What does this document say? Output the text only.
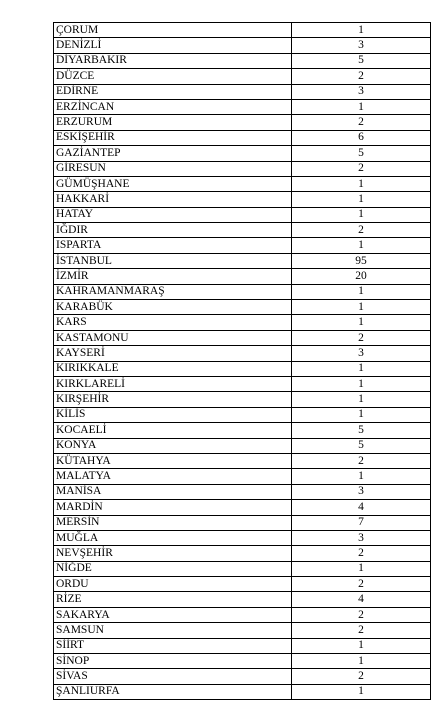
ÇORUM	1
DENİZLİ	3
DİYARBAKIR	5
DÜZCE	2
EDİRNE	3
ERZİNCAN	1
ERZURUM	2
ESKİŞEHİR	6
GAZİANTEP	5
GİRESUN	2
GÜMÜŞHANE	1
HAKKARİ	1
HATAY	1
IĞDIR	2
ISPARTA	1
İSTANBUL	95
İZMİR	20
KAHRAMANMARAŞ	1
KARABÜK	1
KARS	1
KASTAMONU	2
KAYSERİ	3
KIRIKKALE	1
KIRKLARELİ	1
KIRŞEHİR	1
KİLİS	1
KOCAELİ	5
KONYA	5
KÜTAHYA	2
MALATYA	1
MANİSA	3
MARDİN	4
MERSİN	7
MUĞLA	3
NEVŞEHİR	2
NİĞDE	1
ORDU	2
RİZE	4
SAKARYA	2
SAMSUN	2
SİİRT	1
SİNOP	1
SİVAS	2
ŞANLIURFA	1
